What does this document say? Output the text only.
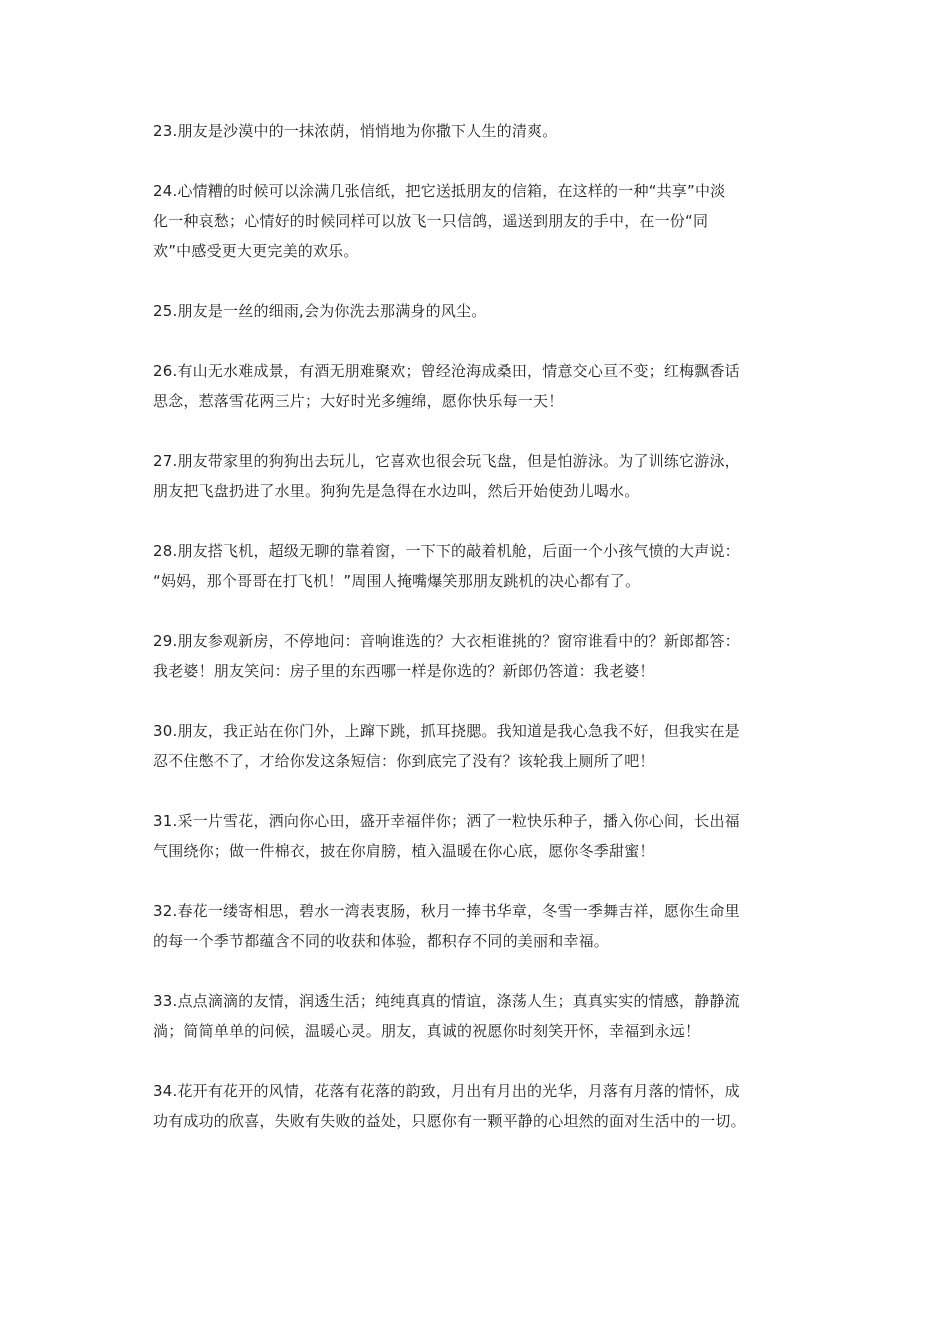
23.朋友是沙漠中的一抹浓荫，悄悄地为你撒下人生的清爽。

24.心情糟的时候可以涂满几张信纸，把它送抵朋友的信箱，在这样的一种“共享”中淡
化一种哀愁；心情好的时候同样可以放飞一只信鸽，遥送到朋友的手中，在一份“同
欢”中感受更大更完美的欢乐。

25.朋友是一丝的细雨,会为你洗去那满身的风尘。

26.有山无水难成景，有酒无朋难聚欢；曾经沧海成桑田，情意交心亘不变；红梅飘香话
思念，惹落雪花两三片；大好时光多缠绵，愿你快乐每一天！

27.朋友带家里的狗狗出去玩儿，它喜欢也很会玩飞盘，但是怕游泳。为了训练它游泳，
朋友把飞盘扔进了水里。狗狗先是急得在水边叫，然后开始使劲儿喝水。

28.朋友搭飞机，超级无聊的靠着窗，一下下的敲着机舱，后面一个小孩气愤的大声说：
“妈妈，那个哥哥在打飞机！”周围人掩嘴爆笑那朋友跳机的决心都有了。

29.朋友参观新房，不停地问：音响谁选的？大衣柜谁挑的？窗帘谁看中的？新郎都答：
我老婆！朋友笑问：房子里的东西哪一样是你选的？新郎仍答道：我老婆！

30.朋友，我正站在你门外，上蹿下跳，抓耳挠腮。我知道是我心急我不好，但我实在是
忍不住憋不了，才给你发这条短信：你到底完了没有？该轮我上厕所了吧！

31.采一片雪花，洒向你心田，盛开幸福伴你；洒了一粒快乐种子，播入你心间，长出福
气围绕你；做一件棉衣，披在你肩膀，植入温暖在你心底，愿你冬季甜蜜！

32.春花一缕寄相思，碧水一湾表衷肠，秋月一捧书华章，冬雪一季舞吉祥，愿你生命里
的每一个季节都蕴含不同的收获和体验，都积存不同的美丽和幸福。

33.点点滴滴的友情，润透生活；纯纯真真的情谊，涤荡人生；真真实实的情感，静静流
淌；简简单单的问候，温暖心灵。朋友，真诚的祝愿你时刻笑开怀，幸福到永远！

34.花开有花开的风情，花落有花落的韵致，月出有月出的光华，月落有月落的情怀，成
功有成功的欣喜，失败有失败的益处，只愿你有一颗平静的心坦然的面对生活中的一切。
